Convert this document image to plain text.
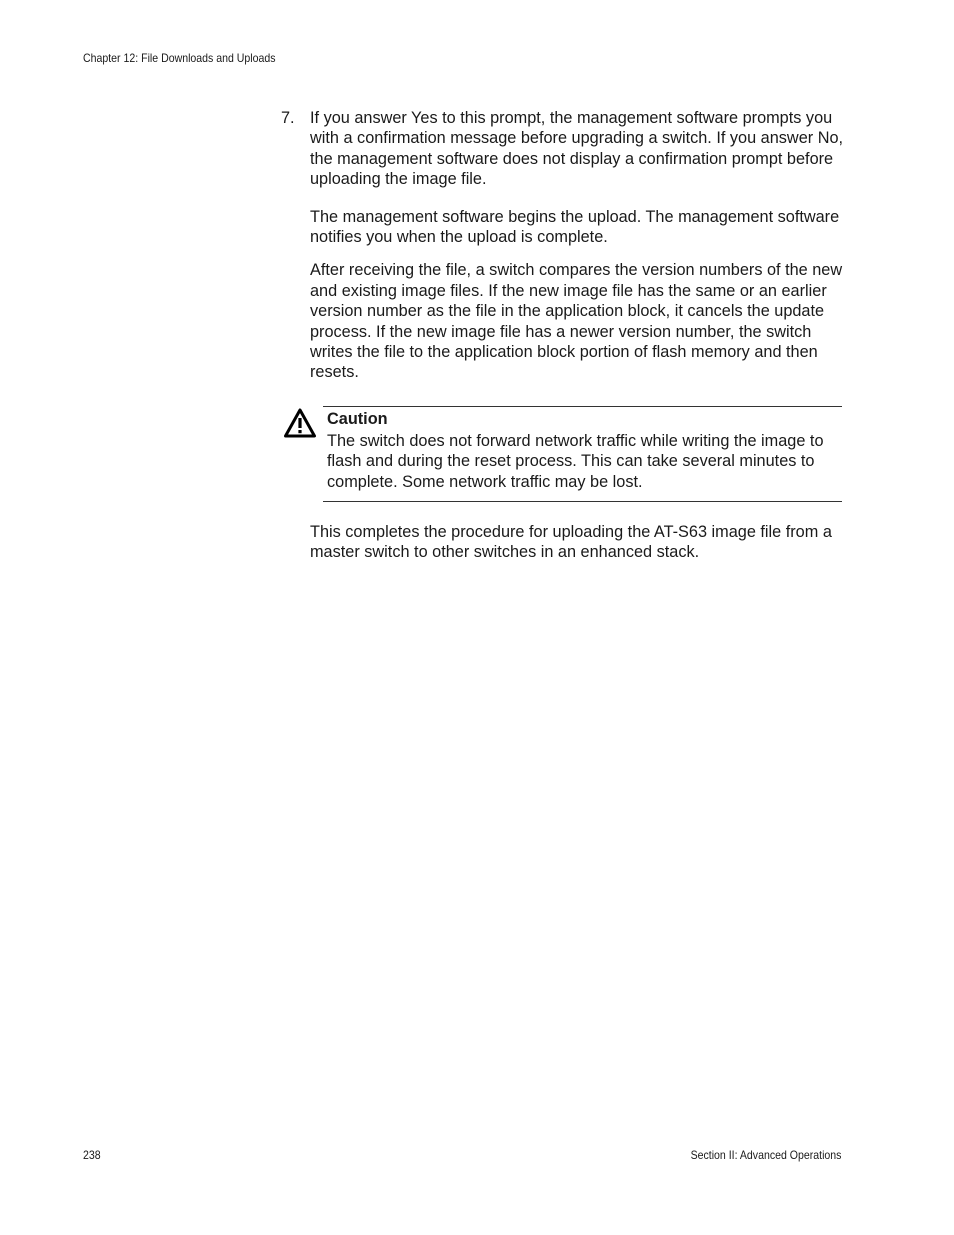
Chapter 12: File Downloads and Uploads
7. If you answer Yes to this prompt, the management software prompts you with a confirmation message before upgrading a switch. If you answer No, the management software does not display a confirmation prompt before uploading the image file.

The management software begins the upload. The management software notifies you when the upload is complete.

After receiving the file, a switch compares the version numbers of the new and existing image files. If the new image file has the same or an earlier version number as the file in the application block, it cancels the update process. If the new image file has a newer version number, the switch writes the file to the application block portion of flash memory and then resets.

Caution

The switch does not forward network traffic while writing the image to flash and during the reset process. This can take several minutes to complete. Some network traffic may be lost.

This completes the procedure for uploading the AT-S63 image file from a master switch to other switches in an enhanced stack.

238	Section II: Advanced Operations
